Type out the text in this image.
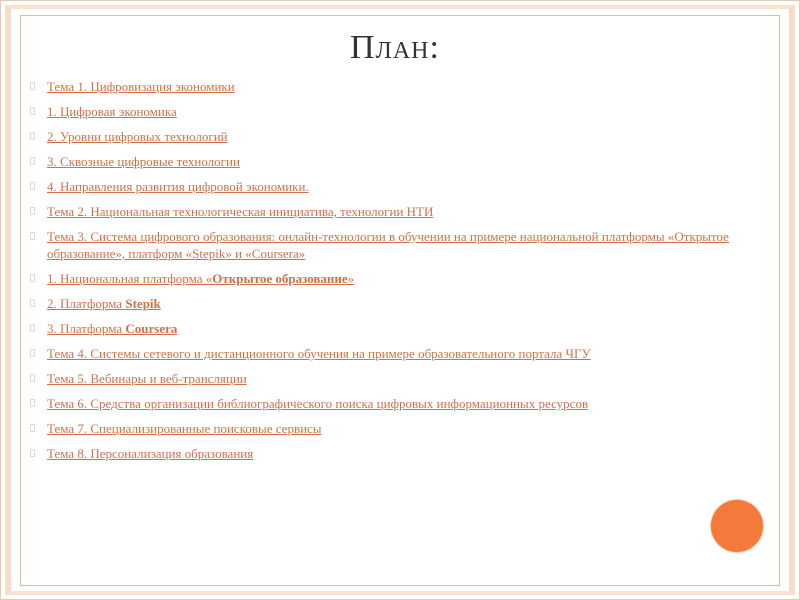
План:
Тема 1. Цифровизация экономики
1. Цифровая экономика
2. Уровни цифровых технологий
3. Сквозные цифровые технологии
4. Направления развития цифровой экономики.
Тема 2. Национальная технологическая инициатива, технологии НТИ
Тема 3. Система цифрового образования: онлайн-технологии в обучении на примере национальной платформы «Открытое образование», платформ «Stepik» и «Coursera»
1. Национальная платформа «Открытое образование»
2. Платформа Stepik
3. Платформа Coursera
Тема 4. Системы сетевого и дистанционного обучения на примере образовательного портала ЧГУ
Тема 5. Вебинары и веб-трансляции
Тема 6. Средства организации библиографического поиска цифровых информационных ресурсов
Тема 7. Специализированные поисковые сервисы
Тема 8. Персонализация образования
